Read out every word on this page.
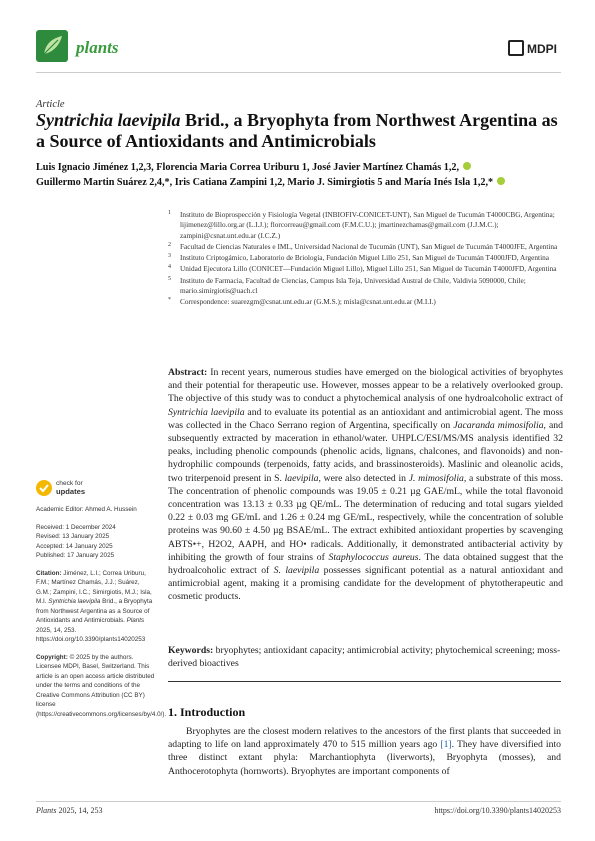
plants	MDPI
Article
Syntrichia laevipila Brid., a Bryophyta from Northwest Argentina as a Source of Antioxidants and Antimicrobials
Luis Ignacio Jiménez 1,2,3, Florencia Maria Correa Uriburu 1, José Javier Martínez Chamás 1,2,
Guillermo Martin Suárez 2,4,*, Iris Catiana Zampini 1,2, Mario J. Simirgiotis 5 and María Inés Isla 1,2,*
1 Instituto de Bioprospección y Fisiología Vegetal (INBIOFIV-CONICET-UNT), San Miguel de Tucumán T4000CBG, Argentina; lijimenez@lillo.org.ar (L.I.J.); florcorreau@gmail.com (F.M.C.U.); jmartinezchamas@gmail.com (J.J.M.C.); zampini@csnat.unt.edu.ar (I.C.Z.)
2 Facultad de Ciencias Naturales e IML, Universidad Nacional de Tucumán (UNT), San Miguel de Tucumán T4000JFE, Argentina
3 Instituto Criptogámico, Laboratorio de Briología, Fundación Miguel Lillo 251, San Miguel de Tucumán T4000JFD, Argentina
4 Unidad Ejecutora Lillo (CONICET—Fundación Miguel Lillo), Miguel Lillo 251, San Miguel de Tucumán T4000JFD, Argentina
5 Instituto de Farmacia, Facultad de Ciencias, Campus Isla Teja, Universidad Austral de Chile, Valdivia 5090000, Chile; mario.simirgiotis@uach.cl
* Correspondence: suarezgm@csnat.unt.edu.ar (G.M.S.); misla@csnat.unt.edu.ar (M.I.I.)
Abstract: In recent years, numerous studies have emerged on the biological activities of bryophytes and their potential for therapeutic use. However, mosses appear to be a relatively overlooked group. The objective of this study was to conduct a phytochemical analysis of one hydroalcoholic extract of Syntrichia laevipila and to evaluate its potential as an antioxidant and antimicrobial agent. The moss was collected in the Chaco Serrano region of Argentina, specifically on Jacaranda mimosifolia, and subsequently extracted by maceration in ethanol/water. UHPLC/ESI/MS/MS analysis identified 32 peaks, including phenolic compounds (phenolic acids, lignans, chalcones, and flavonoids) and non-hydrophilic compounds (terpenoids, fatty acids, and brassinosteroids). Maslinic and oleanolic acids, two triterpenoid present in S. laevipila, were also detected in J. mimosifolia, a substrate of this moss. The concentration of phenolic compounds was 19.05 ± 0.21 µg GAE/mL, while the total flavonoid concentration was 13.13 ± 0.33 µg QE/mL. The determination of reducing and total sugars yielded 0.22 ± 0.03 mg GE/mL and 1.26 ± 0.24 mg GE/mL, respectively, while the concentration of soluble proteins was 90.60 ± 4.50 µg BSAE/mL. The extract exhibited antioxidant properties by scavenging ABTS•+, H2O2, AAPH, and HO• radicals. Additionally, it demonstrated antibacterial activity by inhibiting the growth of four strains of Staphylococcus aureus. The data obtained suggest that the hydroalcoholic extract of S. laevipila possesses significant potential as a natural antioxidant and antimicrobial agent, making it a promising candidate for the development of phytotherapeutic and cosmetic products.
Keywords: bryophytes; antioxidant capacity; antimicrobial activity; phytochemical screening; moss-derived bioactives
1. Introduction
Bryophytes are the closest modern relatives to the ancestors of the first plants that succeeded in adapting to life on land approximately 470 to 515 million years ago [1]. They have diversified into three distinct extant phyla: Marchantiophyta (liverworts), Bryophyta (mosses), and Anthocerotophyta (hornworts). Bryophytes are important components of
check for
updates
Academic Editor: Ahmed A. Hussein
Received: 1 December 2024
Revised: 13 January 2025
Accepted: 14 January 2025
Published: 17 January 2025
Citation: Jiménez, L.I.; Correa Uriburu, F.M.; Martínez Chamás, J.J.; Suárez, G.M.; Zampini, I.C.; Simirgiotis, M.J.; Isla, M.I. Syntrichia laevipila Brid., a Bryophyta from Northwest Argentina as a Source of Antioxidants and Antimicrobials. Plants 2025, 14, 253. https://doi.org/10.3390/plants14020253
Copyright: © 2025 by the authors. Licensee MDPI, Basel, Switzerland. This article is an open access article distributed under the terms and conditions of the Creative Commons Attribution (CC BY) license (https://creativecommons.org/licenses/by/4.0/).
Plants 2025, 14, 253	https://doi.org/10.3390/plants14020253
